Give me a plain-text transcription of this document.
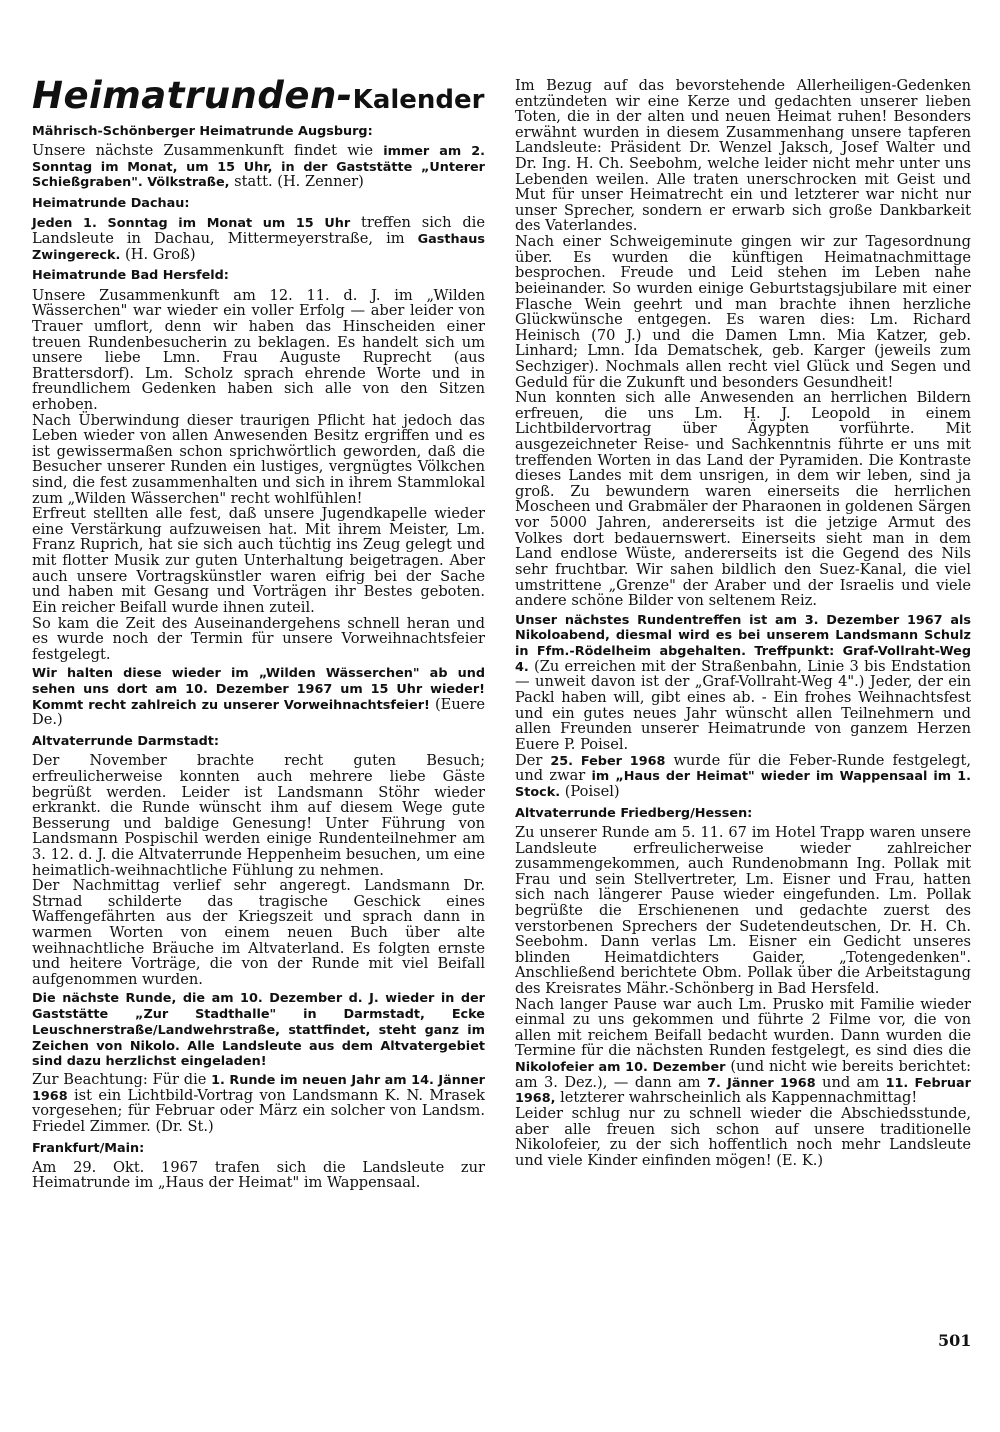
Heimatrunden-Kalender
Mährisch-Schönberger Heimatrunde Augsburg:

Unsere nächste Zusammenkunft findet wie immer am 2. Sonntag im Monat, um 15 Uhr, in der Gaststätte „Unterer Schießgraben". Völkstraße, statt. (H. Zenner)

Heimatrunde Dachau:

Jeden 1. Sonntag im Monat um 15 Uhr treffen sich die Landsleute in Dachau, Mittermeyerstraße, im Gasthaus Zwingereck. (H. Groß)

Heimatrunde Bad Hersfeld:

Unsere Zusammenkunft am 12. 11. d. J. im „Wilden Wässerchen" war wieder ein voller Erfolg — aber leider von Trauer umflort, denn wir haben das Hinscheiden einer treuen Rundenbesucherin zu beklagen. Es handelt sich um unsere liebe Lmn. Frau Auguste Ruprecht (aus Brattersdorf). Lm. Scholz sprach ehrende Worte und in freundlichem Gedenken haben sich alle von den Sitzen erhoben.

Nach Überwindung dieser traurigen Pflicht hat jedoch das Leben wieder von allen Anwesenden Besitz ergriffen und es ist gewissermaßen schon sprichwörtlich geworden, daß die Besucher unserer Runden ein lustiges, vergnügtes Völkchen sind, die fest zusammenhalten und sich in ihrem Stammlokal zum „Wilden Wässerchen" recht wohlfühlen!

Erfreut stellten alle fest, daß unsere Jugendkapelle wieder eine Verstärkung aufzuweisen hat. Mit ihrem Meister, Lm. Franz Ruprich, hat sie sich auch tüchtig ins Zeug gelegt und mit flotter Musik zur guten Unterhaltung beigetragen. Aber auch unsere Vortragskünstler waren eifrig bei der Sache und haben mit Gesang und Vorträgen ihr Bestes geboten. Ein reicher Beifall wurde ihnen zuteil.

So kam die Zeit des Auseinandergehens schnell heran und es wurde noch der Termin für unsere Vorweihnachtsfeier festgelegt.

Wir halten diese wieder im „Wilden Wässerchen" ab und sehen uns dort am 10. Dezember 1967 um 15 Uhr wieder! Kommt recht zahlreich zu unserer Vorweihnachtsfeier! (Euere De.)

Altvaterrunde Darmstadt:

Der November brachte recht guten Besuch; erfreulicherweise konnten auch mehrere liebe Gäste begrüßt werden. Leider ist Landsmann Stöhr wieder erkrankt. die Runde wünscht ihm auf diesem Wege gute Besserung und baldige Genesung! Unter Führung von Landsmann Pospischil werden einige Rundenteilnehmer am 3. 12. d. J. die Altvaterrunde Heppenheim besuchen, um eine heimatlich-weihnachtliche Fühlung zu nehmen.

Der Nachmittag verlief sehr angeregt. Landsmann Dr. Strnad schilderte das tragische Geschick eines Waffengefährten aus der Kriegszeit und sprach dann in warmen Worten von einem neuen Buch über alte weihnachtliche Bräuche im Altvaterland. Es folgten ernste und heitere Vorträge, die von der Runde mit viel Beifall aufgenommen wurden.

Die nächste Runde, die am 10. Dezember d. J. wieder in der Gaststätte „Zur Stadthalle" in Darmstadt, Ecke Leuschnerstraße/Landwehrstraße, stattfindet, steht ganz im Zeichen von Nikolo. Alle Landsleute aus dem Altvatergebiet sind dazu herzlichst eingeladen!

Zur Beachtung: Für die 1. Runde im neuen Jahr am 14. Jänner 1968 ist ein Lichtbild-Vortrag von Landsmann K. N. Mrasek vorgesehen; für Februar oder März ein solcher von Landsm. Friedel Zimmer. (Dr. St.)

Frankfurt/Main:

Am 29. Okt. 1967 trafen sich die Landsleute zur Heimatrunde im „Haus der Heimat" im Wappensaal.

Im Bezug auf das bevorstehende Allerheiligen-Gedenken entzündeten wir eine Kerze und gedachten unserer lieben Toten, die in der alten und neuen Heimat ruhen! Besonders erwähnt wurden in diesem Zusammenhang unsere tapferen Landsleute: Präsident Dr. Wenzel Jaksch, Josef Walter und Dr. Ing. H. Ch. Seebohm, welche leider nicht mehr unter uns Lebenden weilen. Alle traten unerschrocken mit Geist und Mut für unser Heimatrecht ein und letzterer war nicht nur unser Sprecher, sondern er erwarb sich große Dankbarkeit des Vaterlandes.

Nach einer Schweigeminute gingen wir zur Tagesordnung über. Es wurden die künftigen Heimatnachmittage besprochen. Freude und Leid stehen im Leben nahe beieinander. So wurden einige Geburtstagsjubilare mit einer Flasche Wein geehrt und man brachte ihnen herzliche Glückwünsche entgegen. Es waren dies: Lm. Richard Heinisch (70 J.) und die Damen Lmn. Mia Katzer, geb. Linhard; Lmn. Ida Dematschek, geb. Karger (jeweils zum Sechziger). Nochmals allen recht viel Glück und Segen und Geduld für die Zukunft und besonders Gesundheit!

Nun konnten sich alle Anwesenden an herrlichen Bildern erfreuen, die uns Lm. H. J. Leopold in einem Lichtbildervortrag über Ägypten vorführte. Mit ausgezeichneter Reise- und Sachkenntnis führte er uns mit treffenden Worten in das Land der Pyramiden. Die Kontraste dieses Landes mit dem unsrigen, in dem wir leben, sind ja groß. Zu bewundern waren einerseits die herrlichen Moscheen und Grabmäler der Pharaonen in goldenen Särgen vor 5000 Jahren, andererseits ist die jetzige Armut des Volkes dort bedauernswert. Einerseits sieht man in dem Land endlose Wüste, andererseits ist die Gegend des Nils sehr fruchtbar. Wir sahen bildlich den Suez-Kanal, die viel umstrittene „Grenze" der Araber und der Israelis und viele andere schöne Bilder von seltenem Reiz.

Unser nächstes Rundentreffen ist am 3. Dezember 1967 als Nikoloabend, diesmal wird es bei unserem Landsmann Schulz in Ffm.-Rödelheim abgehalten. Treffpunkt: Graf-Vollraht-Weg 4. (Zu erreichen mit der Straßenbahn, Linie 3 bis Endstation — unweit davon ist der „Graf-Vollraht-Weg 4".) Jeder, der ein Packl haben will, gibt eines ab. - Ein frohes Weihnachtsfest und ein gutes neues Jahr wünscht allen Teilnehmern und allen Freunden unserer Heimatrunde von ganzem Herzen Euere P. Poisel.

Der 25. Feber 1968 wurde für die Feber-Runde festgelegt, und zwar im „Haus der Heimat" wieder im Wappensaal im 1. Stock. (Poisel)

Altvaterrunde Friedberg/Hessen:

Zu unserer Runde am 5. 11. 67 im Hotel Trapp waren unsere Landsleute erfreulicherweise wieder zahlreicher zusammengekommen, auch Rundenobmann Ing. Pollak mit Frau und sein Stellvertreter, Lm. Eisner und Frau, hatten sich nach längerer Pause wieder eingefunden. Lm. Pollak begrüßte die Erschienenen und gedachte zuerst des verstorbenen Sprechers der Sudetendeutschen, Dr. H. Ch. Seebohm. Dann verlas Lm. Eisner ein Gedicht unseres blinden Heimatdichters Gaider, „Totengedenken". Anschließend berichtete Obm. Pollak über die Arbeitstagung des Kreisrates Mähr.-Schönberg in Bad Hersfeld.

Nach langer Pause war auch Lm. Prusko mit Familie wieder einmal zu uns gekommen und führte 2 Filme vor, die von allen mit reichem Beifall bedacht wurden. Dann wurden die Termine für die nächsten Runden festgelegt, es sind dies die Nikolofeier am 10. Dezember (und nicht wie bereits berichtet: am 3. Dez.), — dann am 7. Jänner 1968 und am 11. Februar 1968, letzterer wahrscheinlich als Kappennachmittag!

Leider schlug nur zu schnell wieder die Abschiedsstunde, aber alle freuen sich schon auf unsere traditionelle Nikolofeier, zu der sich hoffentlich noch mehr Landsleute und viele Kinder einfinden mögen! (E. K.)

501
